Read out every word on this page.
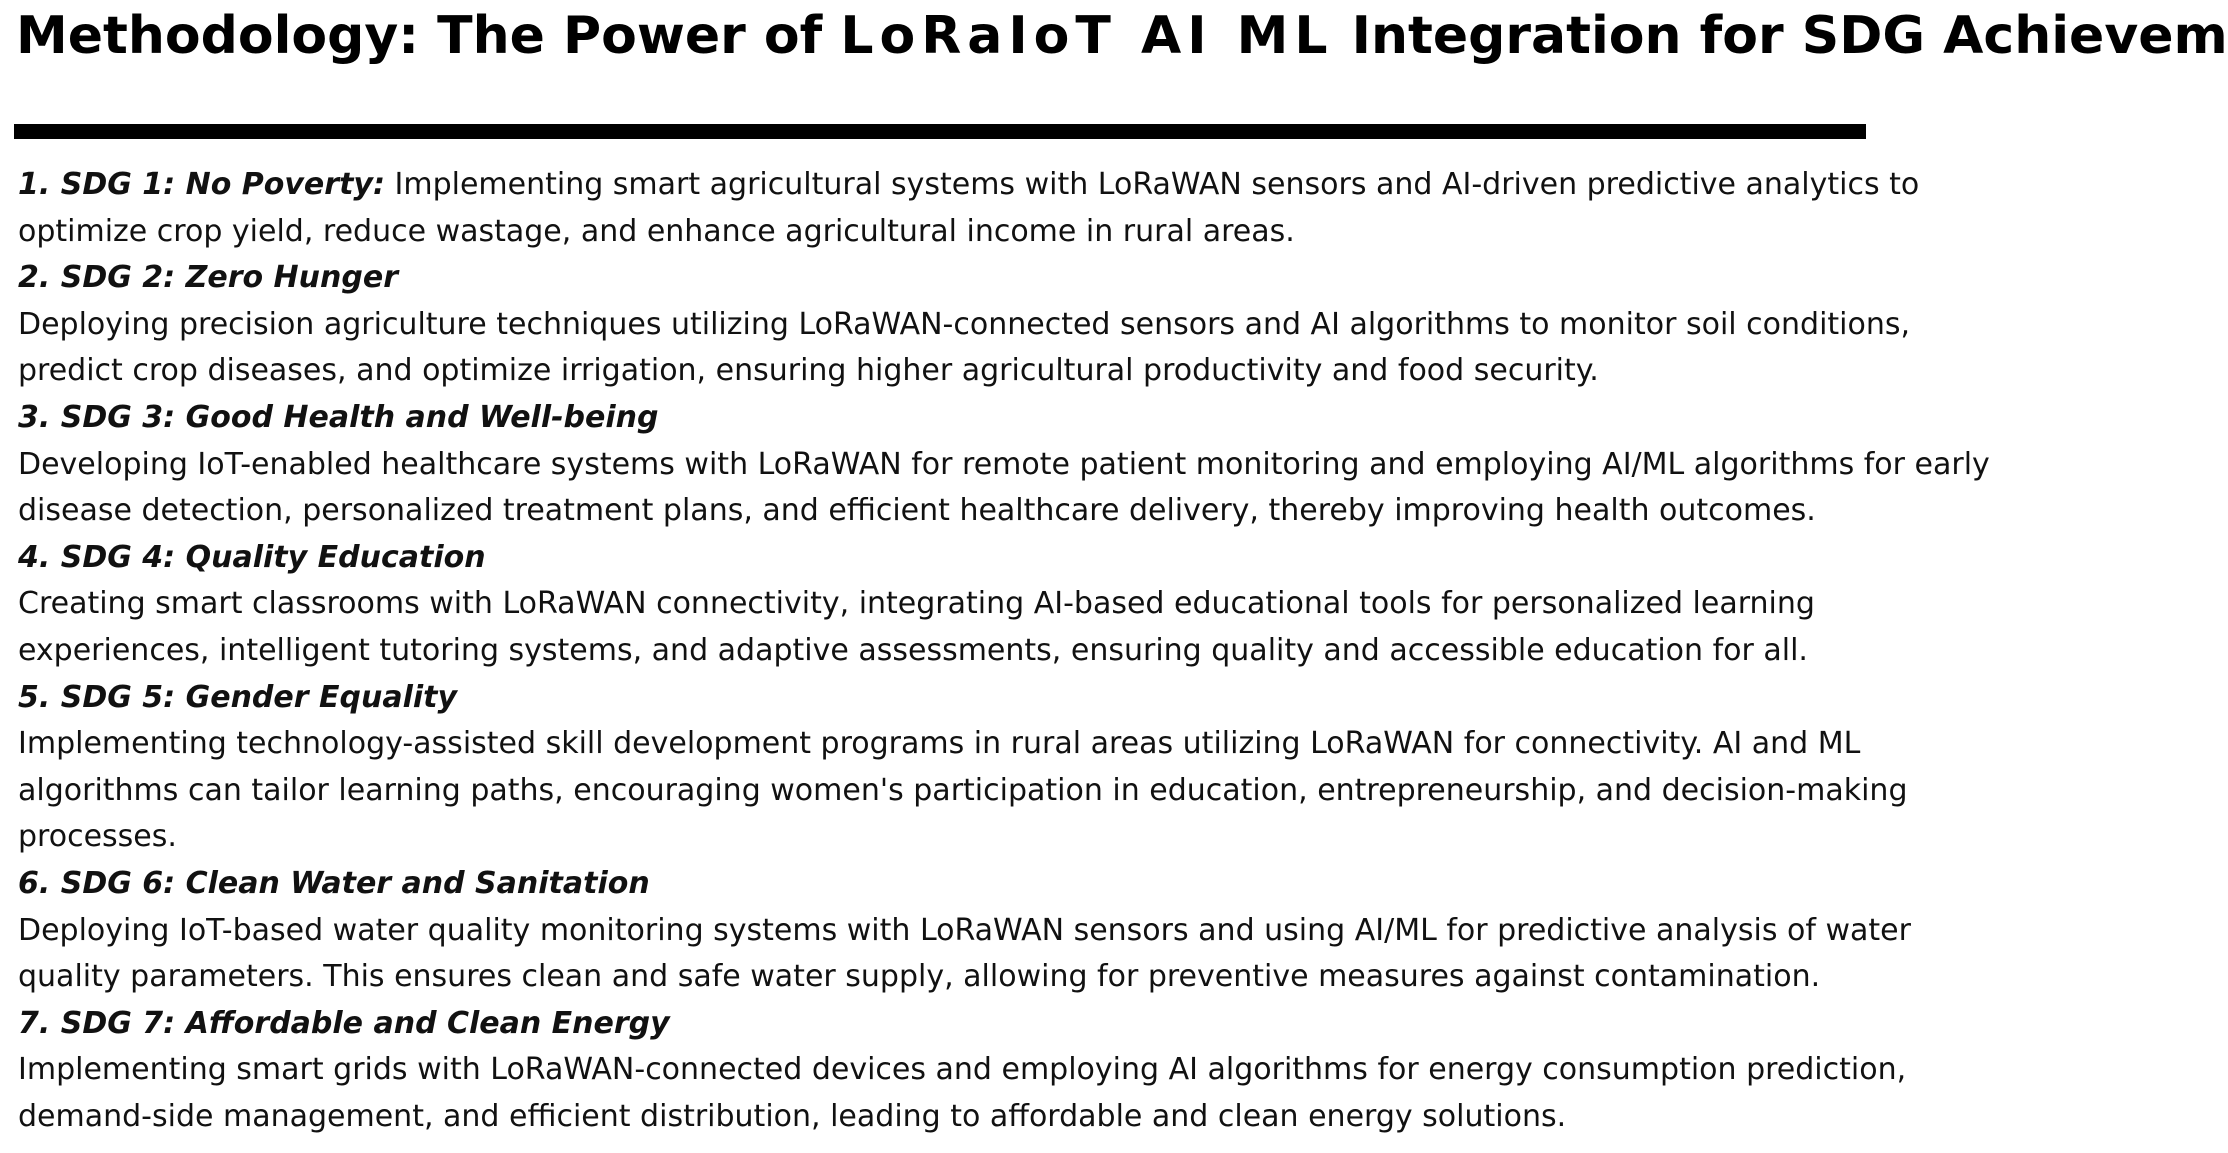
Methodology: The Power of LoRaIoT AI ML Integration for SDG Achievem

1. SDG 1: No Poverty: Implementing smart agricultural systems with LoRaWAN sensors and AI-driven predictive analytics to optimize crop yield, reduce wastage, and enhance agricultural income in rural areas.

2. SDG 2: Zero Hunger

Deploying precision agriculture techniques utilizing LoRaWAN-connected sensors and AI algorithms to monitor soil conditions, predict crop diseases, and optimize irrigation, ensuring higher agricultural productivity and food security.

3. SDG 3: Good Health and Well-being

Developing IoT-enabled healthcare systems with LoRaWAN for remote patient monitoring and employing AI/ML algorithms for early disease detection, personalized treatment plans, and efficient healthcare delivery, thereby improving health outcomes.

4. SDG 4: Quality Education

Creating smart classrooms with LoRaWAN connectivity, integrating AI-based educational tools for personalized learning experiences, intelligent tutoring systems, and adaptive assessments, ensuring quality and accessible education for all.

5. SDG 5: Gender Equality

Implementing technology-assisted skill development programs in rural areas utilizing LoRaWAN for connectivity. AI and ML algorithms can tailor learning paths, encouraging women's participation in education, entrepreneurship, and decision-making processes.

6. SDG 6: Clean Water and Sanitation

Deploying IoT-based water quality monitoring systems with LoRaWAN sensors and using AI/ML for predictive analysis of water quality parameters. This ensures clean and safe water supply, allowing for preventive measures against contamination.

7. SDG 7: Affordable and Clean Energy

Implementing smart grids with LoRaWAN-connected devices and employing AI algorithms for energy consumption prediction, demand-side management, and efficient distribution, leading to affordable and clean energy solutions.
